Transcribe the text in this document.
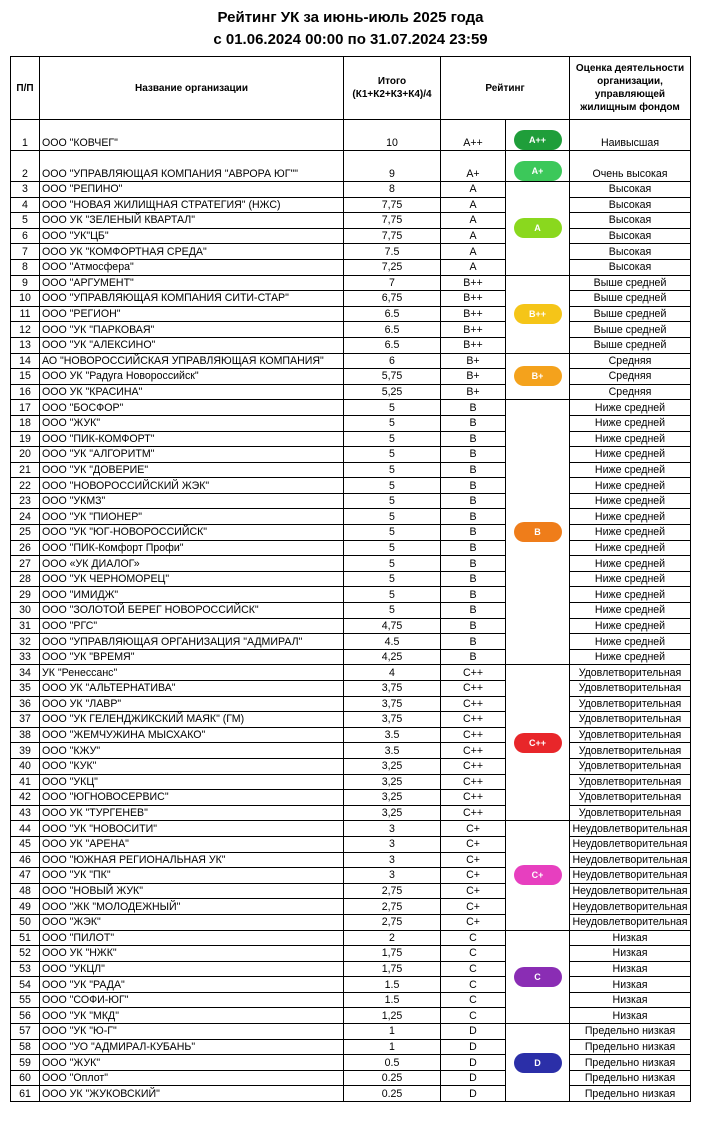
Рейтинг УК за июнь-июль 2025 года
с 01.06.2024 00:00 по 31.07.2024 23:59
П/П	Название организации	Итого (К1+К2+К3+К4)/4	Рейтинг		Оценка деятельности организации, управляющей жилищным фондом
1	ООО "КОВЧЕГ"	10	A++	A++	Наивысшая
2	ООО "УПРАВЛЯЮЩАЯ КОМПАНИЯ "АВРОРА ЮГ""	9	A+	A+	Очень высокая
3	ООО "РЕПИНО"	8	A	A	Высокая
4	ООО "НОВАЯ ЖИЛИЩНАЯ СТРАТЕГИЯ" (НЖС)	7,75	A		Высокая
5	ООО УК "ЗЕЛЕНЫЙ КВАРТАЛ"	7,75	A		Высокая
6	ООО "УК"ЦБ"	7,75	A		Высокая
7	ООО УК "КОМФОРТНАЯ СРЕДА"	7.5	A		Высокая
8	ООО "Атмосфера"	7,25	A		Высокая
9	ООО "АРГУМЕНТ"	7	B++	B++	Выше средней
10	ООО "УПРАВЛЯЮЩАЯ КОМПАНИЯ СИТИ-СТАР"	6,75	B++		Выше средней
11	ООО "РЕГИОН"	6.5	B++		Выше средней
12	ООО "УК "ПАРКОВАЯ"	6.5	B++		Выше средней
13	ООО "УК "АЛЕКСИНО"	6.5	B++		Выше средней
14	АО "НОВОРОССИЙСКАЯ УПРАВЛЯЮЩАЯ КОМПАНИЯ"	6	B+	B+	Средняя
15	ООО УК "Радуга Новороссийск"	5,75	B+		Средняя
16	ООО УК "КРАСИНА"	5,25	B+		Средняя
17	ООО "БОСФОР"	5	B	B	Ниже средней
18	ООО "ЖУК"	5	B		Ниже средней
19	ООО "ПИК-КОМФОРТ"	5	B		Ниже средней
20	ООО "УК "АЛГОРИТМ"	5	B		Ниже средней
21	ООО "УК "ДОВЕРИЕ"	5	B		Ниже средней
22	ООО "НОВОРОССИЙСКИЙ ЖЭК"	5	B		Ниже средней
23	ООО "УКМЗ"	5	B		Ниже средней
24	ООО "УК "ПИОНЕР"	5	B		Ниже средней
25	ООО "УК "ЮГ-НОВОРОССИЙСК"	5	B		Ниже средней
26	ООО "ПИК-Комфорт Профи"	5	B		Ниже средней
27	ООО «УК ДИАЛОГ»	5	B		Ниже средней
28	ООО "УК ЧЕРНОМОРЕЦ"	5	B		Ниже средней
29	ООО "ИМИДЖ"	5	B		Ниже средней
30	ООО "ЗОЛОТОЙ БЕРЕГ НОВОРОССИЙСК"	5	B		Ниже средней
31	ООО "РГС"	4,75	B		Ниже средней
32	ООО "УПРАВЛЯЮЩАЯ ОРГАНИЗАЦИЯ "АДМИРАЛ"	4.5	B		Ниже средней
33	ООО "УК "ВРЕМЯ"	4,25	B		Ниже средней
34	УК "Ренессанс"	4	C++	C++	Удовлетворительная
35	ООО УК "АЛЬТЕРНАТИВА"	3,75	C++		Удовлетворительная
36	ООО УК "ЛАВР"	3,75	C++		Удовлетворительная
37	ООО "УК ГЕЛЕНДЖИКСКИЙ МАЯК" (ГМ)	3,75	C++		Удовлетворительная
38	ООО "ЖЕМЧУЖИНА МЫСХАКО"	3.5	C++		Удовлетворительная
39	ООО "КЖУ"	3.5	C++		Удовлетворительная
40	ООО "КУК"	3,25	C++		Удовлетворительная
41	ООО "УКЦ"	3,25	C++		Удовлетворительная
42	ООО "ЮГНОВОСЕРВИС"	3,25	C++		Удовлетворительная
43	ООО УК "ТУРГЕНЕВ"	3,25	C++		Удовлетворительная
44	ООО "УК "НОВОСИТИ"	3	C+	C+	Неудовлетворительная
45	ООО УК "АРЕНА"	3	C+		Неудовлетворительная
46	ООО "ЮЖНАЯ РЕГИОНАЛЬНАЯ УК"	3	C+		Неудовлетворительная
47	ООО "УК "ПК"	3	C+		Неудовлетворительная
48	ООО "НОВЫЙ ЖУК"	2,75	C+		Неудовлетворительная
49	ООО "ЖК "МОЛОДЕЖНЫЙ"	2,75	C+		Неудовлетворительная
50	ООО "ЖЭК"	2,75	C+		Неудовлетворительная
51	ООО "ПИЛОТ"	2	C	C	Низкая
52	ООО УК "НЖК"	1,75	C		Низкая
53	ООО "УКЦЛ"	1,75	C		Низкая
54	ООО "УК "РАДА"	1.5	C		Низкая
55	ООО "СОФИ-ЮГ"	1.5	C		Низкая
56	ООО "УК "МКД"	1,25	C		Низкая
57	ООО "УК "Ю-Г"	1	D	D	Предельно низкая
58	ООО "УО "АДМИРАЛ-КУБАНЬ"	1	D		Предельно низкая
59	ООО "ЖУК"	0.5	D		Предельно низкая
60	ООО "Оплот"	0.25	D		Предельно низкая
61	ООО УК "ЖУКОВСКИЙ"	0.25	D		Предельно низкая
